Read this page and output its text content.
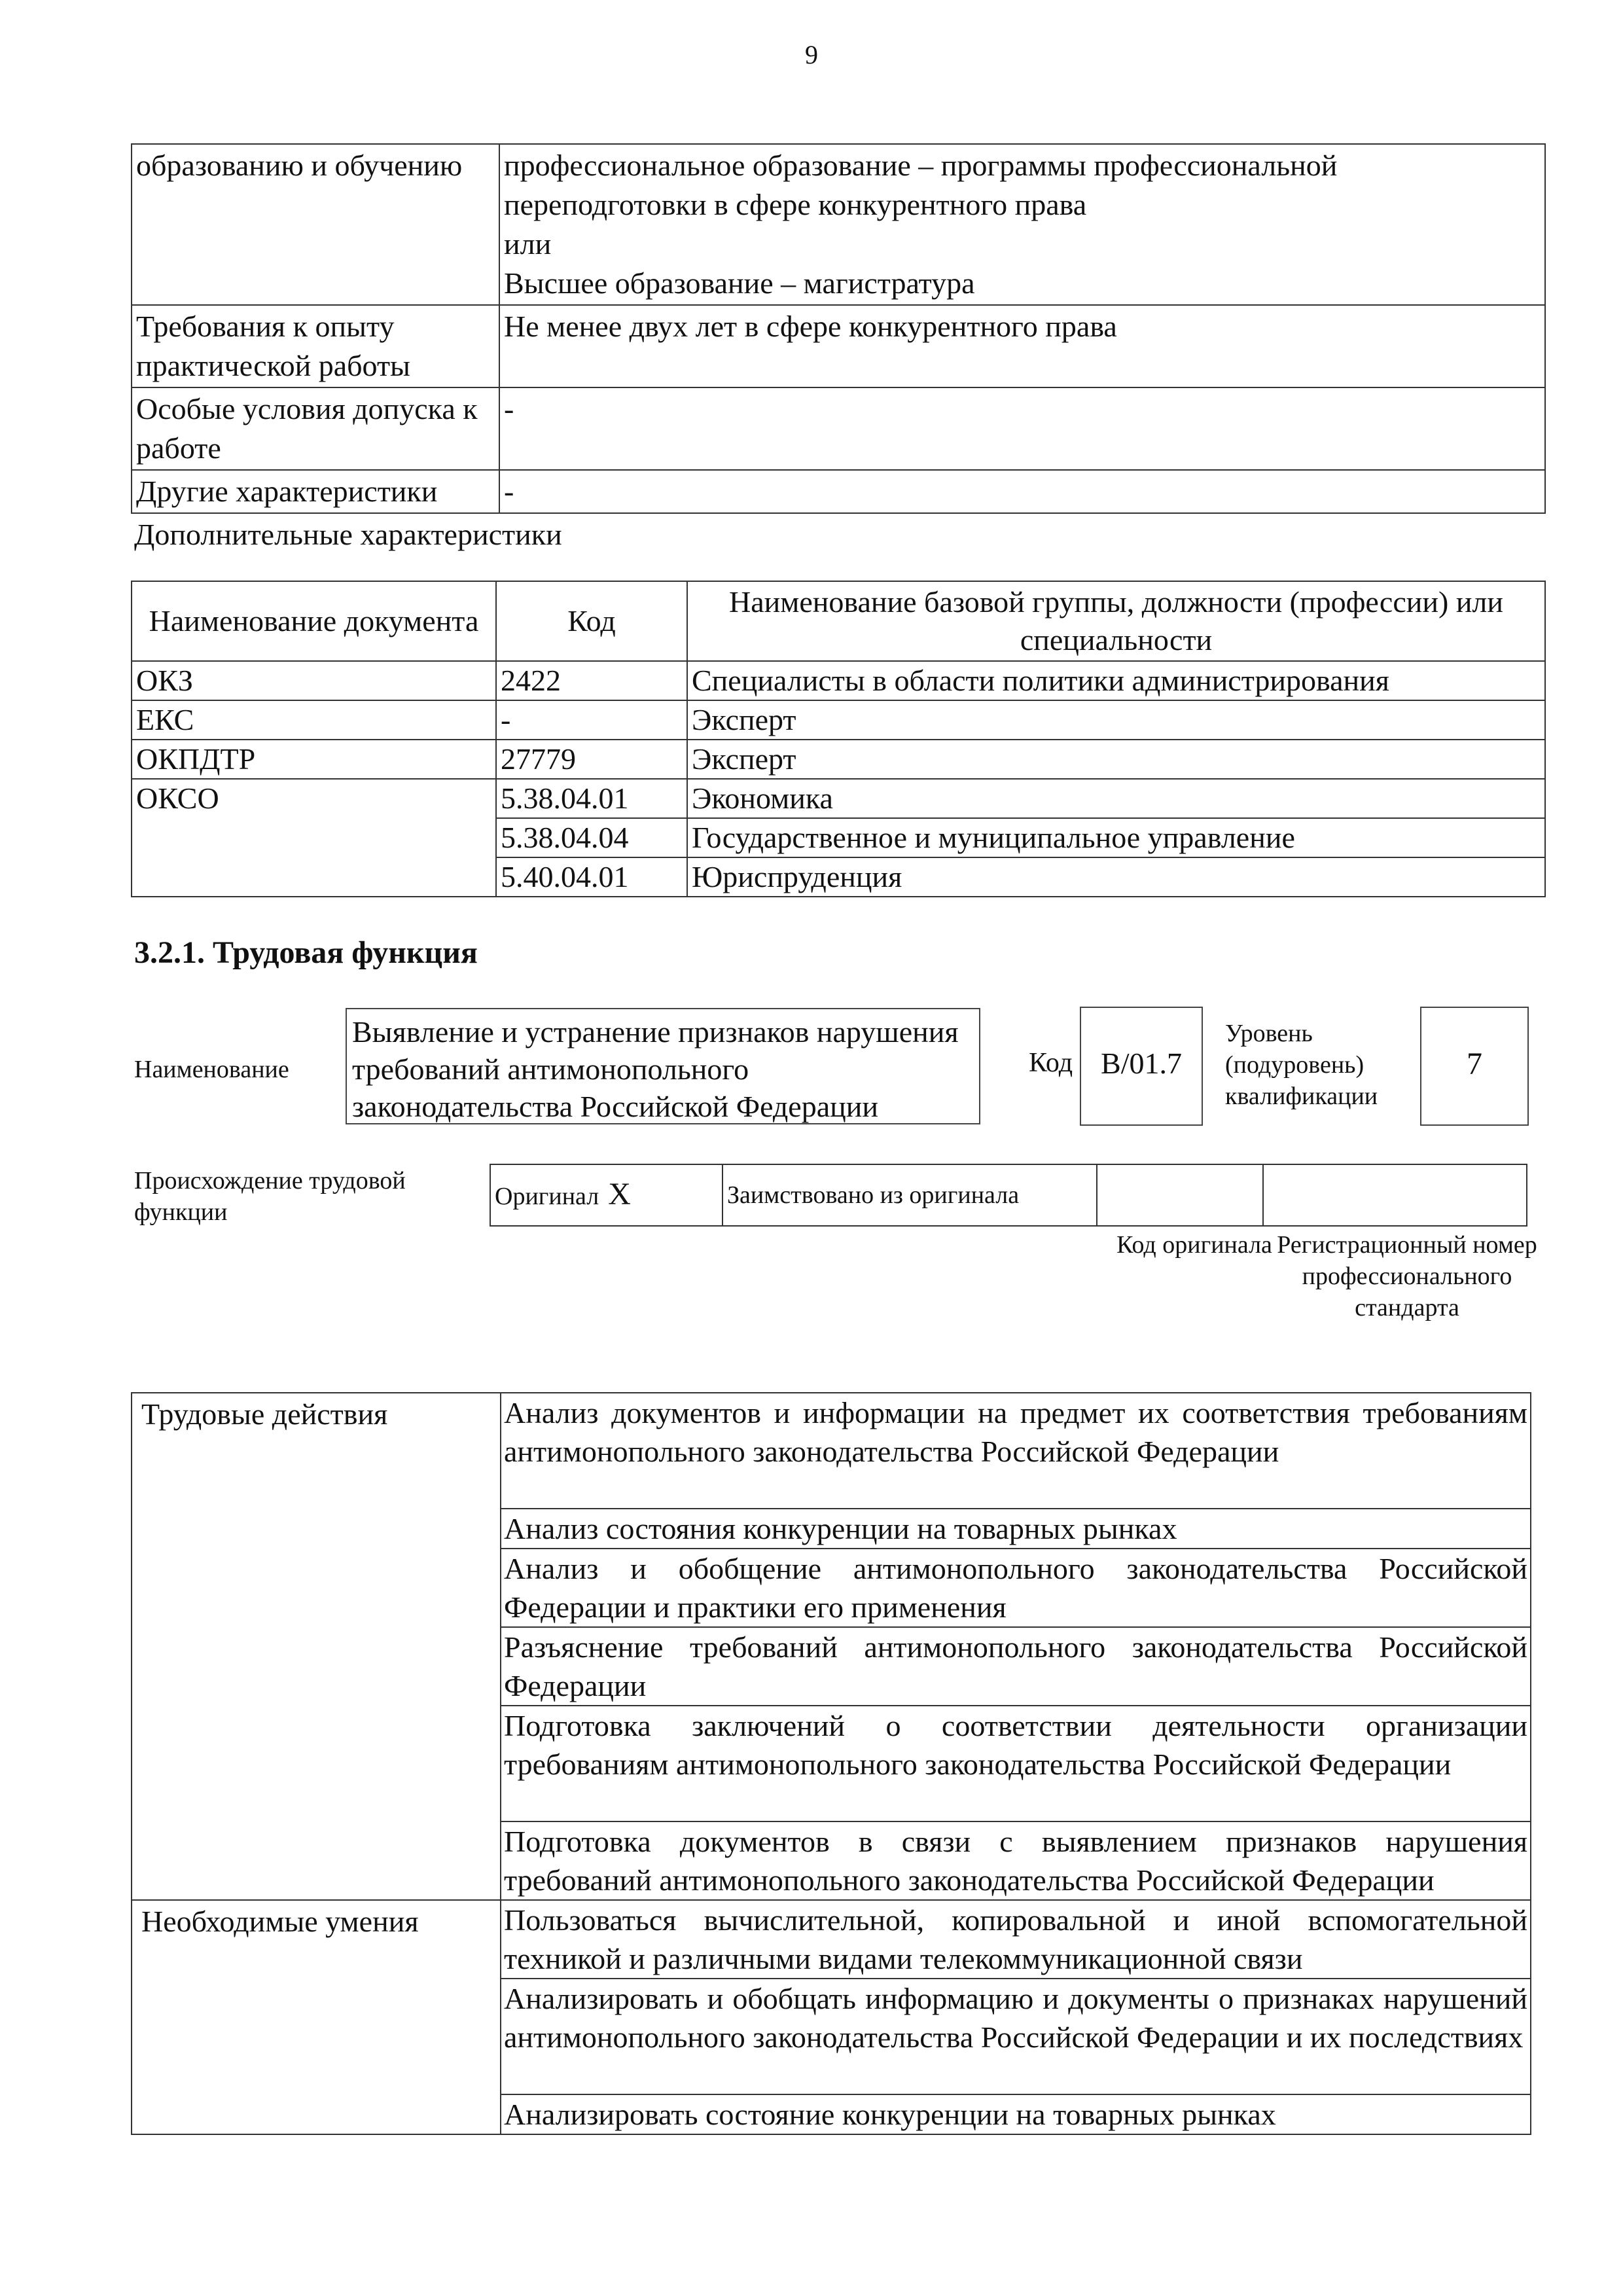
9
образованию и обучению	профессиональное образование – программы профессиональной переподготовки в сфере конкурентного права
или
Высшее образование – магистратура

Требования к опыту практической работы	Не менее двух лет в сфере конкурентного права
Особые условия допуска к работе	-
Другие характеристики	-
Дополнительные характеристики
Наименование документа	Код	Наименование базовой группы, должности (профессии) или специальности
ОКЗ	2422	Специалисты в области политики администрирования
ЕКС	-	Эксперт
ОКПДТР	27779	Эксперт
ОКСО	5.38.04.01	Экономика
	5.38.04.04	Государственное и муниципальное управление
	5.40.04.01	Юриспруденция
3.2.1. Трудовая функция
Наименование
Выявление и устранение признаков нарушения требований антимонопольного законодательства Российской Федерации
Код B/01.7
Уровень
(подуровень)
квалификации
7
Происхождение трудовой функции
Оригинал X	Заимствовано из оригинала		
Код оригинала Регистрационный номер профессионального стандарта
Трудовые действия	Анализ документов и информации на предмет их соответствия требованиям антимонопольного законодательства Российской Федерации
	Анализ состояния конкуренции на товарных рынках
	Анализ и обобщение антимонопольного законодательства Российской Федерации и практики его применения
	Разъяснение требований антимонопольного законодательства Российской Федерации
	Подготовка заключений о соответствии деятельности организации требованиям антимонопольного законодательства Российской Федерации
	Подготовка документов в связи с выявлением признаков нарушения требований антимонопольного законодательства Российской Федерации
Необходимые умения	Пользоваться вычислительной, копировальной и иной вспомогательной техникой и различными видами телекоммуникационной связи
	Анализировать и обобщать информацию и документы о признаках нарушений антимонопольного законодательства Российской Федерации и их последствиях
	Анализировать состояние конкуренции на товарных рынках
